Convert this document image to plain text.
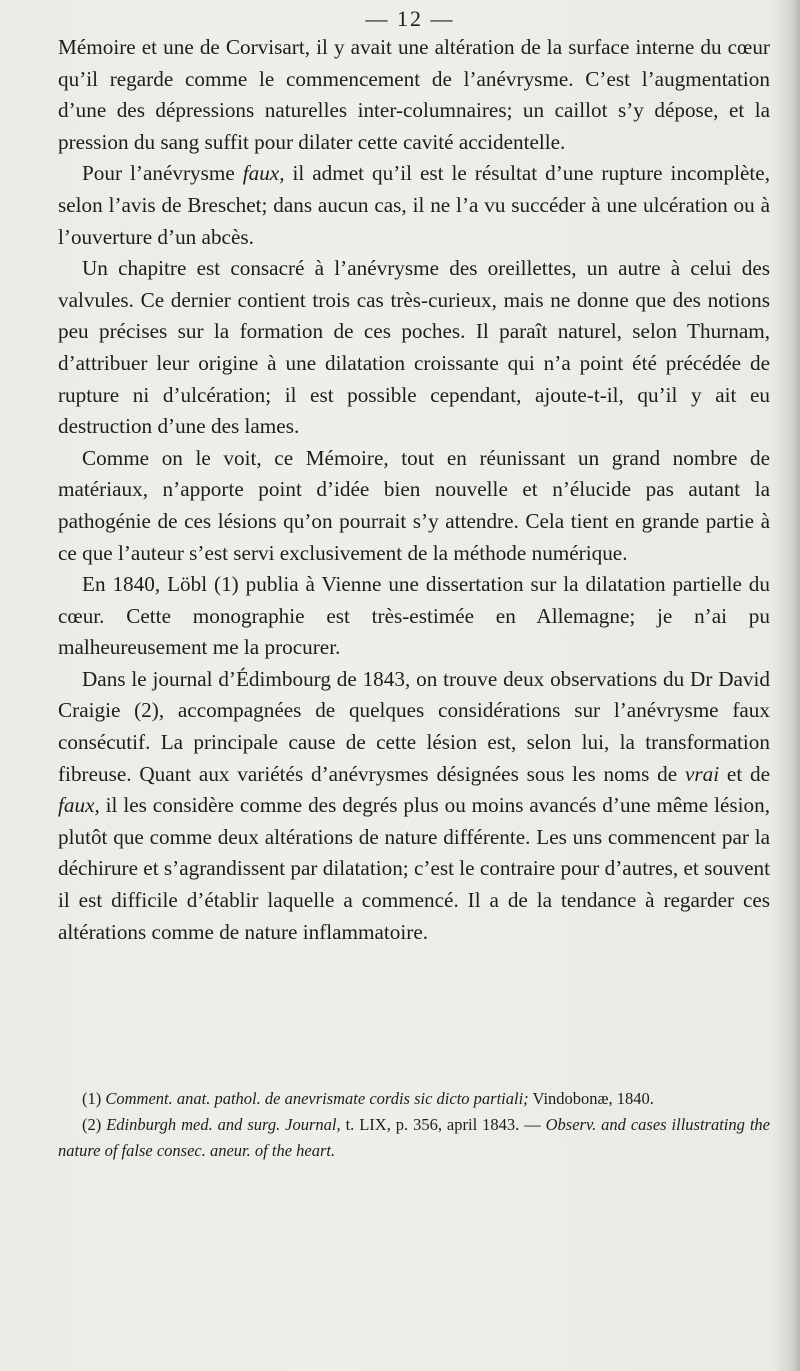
— 12 —

Mémoire et une de Corvisart, il y avait une altération de la surface interne du cœur qu’il regarde comme le commencement de l’anévrysme. C’est l’augmentation d’une des dépressions naturelles inter-columnaires; un caillot s’y dépose, et la pression du sang suffit pour dilater cette cavité accidentelle.

Pour l’anévrysme faux, il admet qu’il est le résultat d’une rupture incomplète, selon l’avis de Breschet; dans aucun cas, il ne l’a vu succéder à une ulcération ou à l’ouverture d’un abcès.

Un chapitre est consacré à l’anévrysme des oreillettes, un autre à celui des valvules. Ce dernier contient trois cas très-curieux, mais ne donne que des notions peu précises sur la formation de ces poches. Il paraît naturel, selon Thurnam, d’attribuer leur origine à une dilatation croissante qui n’a point été précédée de rupture ni d’ulcération; il est possible cependant, ajoute-t-il, qu’il y ait eu destruction d’une des lames.

Comme on le voit, ce Mémoire, tout en réunissant un grand nombre de matériaux, n’apporte point d’idée bien nouvelle et n’élucide pas autant la pathogénie de ces lésions qu’on pourrait s’y attendre. Cela tient en grande partie à ce que l’auteur s’est servi exclusivement de la méthode numérique.

En 1840, Löbl (1) publia à Vienne une dissertation sur la dilatation partielle du cœur. Cette monographie est très-estimée en Allemagne; je n’ai pu malheureusement me la procurer.

Dans le journal d’Édimbourg de 1843, on trouve deux observations du Dr David Craigie (2), accompagnées de quelques considérations sur l’anévrysme faux consécutif. La principale cause de cette lésion est, selon lui, la transformation fibreuse. Quant aux variétés d’anévrysmes désignées sous les noms de vrai et de faux, il les considère comme des degrés plus ou moins avancés d’une même lésion, plutôt que comme deux altérations de nature différente. Les uns commencent par la déchirure et s’agrandissent par dilatation; c’est le contraire pour d’autres, et souvent il est difficile d’établir laquelle a commencé. Il a de la tendance à regarder ces altérations comme de nature inflammatoire.

(1) Comment. anat. pathol. de anevrismate cordis sic dicto partiali; Vindobonæ, 1840.

(2) Edinburgh med. and surg. Journal, t. LIX, p. 356, april 1843. — Observ. and cases illustrating the nature of false consec. aneur. of the heart.
